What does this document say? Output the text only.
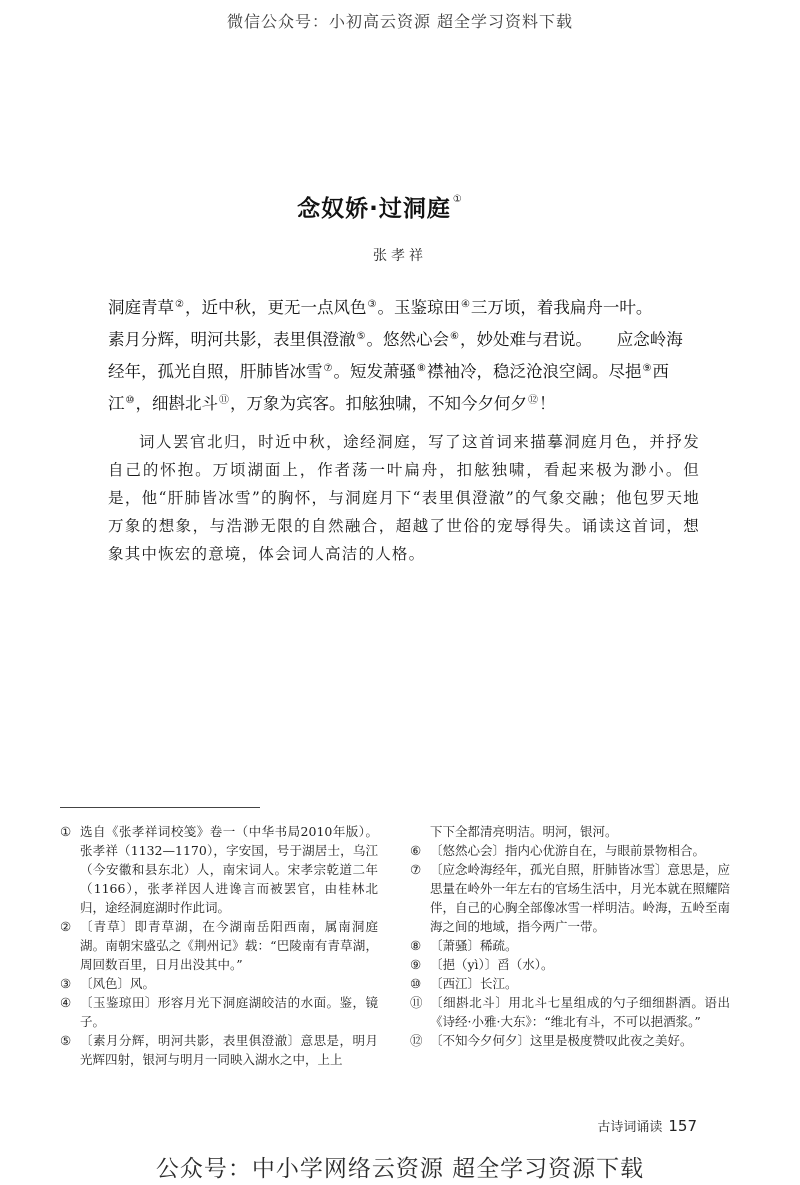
微信公众号：小初高云资源 超全学习资料下载
念奴娇·过洞庭 ①
张孝祥
洞庭青草②，近中秋，更无一点风色③。玉鉴琼田④三万顷，着我扁舟一叶。
素月分辉，明河共影，表里俱澄澈⑤。悠然心会⑥，妙处难与君说。　　应念岭海
经年，孤光自照，肝肺皆冰雪⑦。短发萧骚⑧襟袖冷，稳泛沧浪空阔。尽挹⑨西
江⑩，细斟北斗⑪，万象为宾客。扣舷独啸，不知今夕何夕⑫！
词人罢官北归，时近中秋，途经洞庭，写了这首词来描摹洞庭月色，并抒发自己的怀抱。万顷湖面上，作者荡一叶扁舟，扣舷独啸，看起来极为渺小。但是，他“肝肺皆冰雪”的胸怀，与洞庭月下“表里俱澄澈”的气象交融；他包罗天地万象的想象，与浩渺无限的自然融合，超越了世俗的宠辱得失。诵读这首词，想象其中恢宏的意境，体会词人高洁的人格。
① 选自《张孝祥词校笺》卷一（中华书局2010年版）。张孝祥（1132—1170），字安国，号于湖居士，乌江（今安徽和县东北）人，南宋词人。宋孝宗乾道二年（1166），张孝祥因人进谗言而被罢官，由桂林北归，途经洞庭湖时作此词。
② 〔青草〕即青草湖，在今湖南岳阳西南，属南洞庭湖。南朝宋盛弘之《荆州记》载：“巴陵南有青草湖，周回数百里，日月出没其中。”
③ 〔风色〕风。
④ 〔玉鉴琼田〕形容月光下洞庭湖皎洁的水面。鉴，镜子。
⑤ 〔素月分辉，明河共影，表里俱澄澈〕意思是，明月光辉四射，银河与明月一同映入湖水之中，上上
下下全都清亮明洁。明河，银河。
⑥ 〔悠然心会〕指内心优游自在，与眼前景物相合。
⑦ 〔应念岭海经年，孤光自照，肝肺皆冰雪〕意思是，应思量在岭外一年左右的官场生活中，月光本就在照耀陪伴，自己的心胸全部像冰雪一样明洁。岭海，五岭至南海之间的地域，指今两广一带。
⑧ 〔萧骚〕稀疏。
⑨ 〔挹（yì）〕舀（水）。
⑩ 〔西江〕长江。
⑪ 〔细斟北斗〕用北斗七星组成的勺子细细斟酒。语出《诗经·小雅·大东》：“维北有斗，不可以挹酒浆。”
⑫ 〔不知今夕何夕〕这里是极度赞叹此夜之美好。
古诗词诵读 157
公众号：中小学网络云资源 超全学习资源下载
